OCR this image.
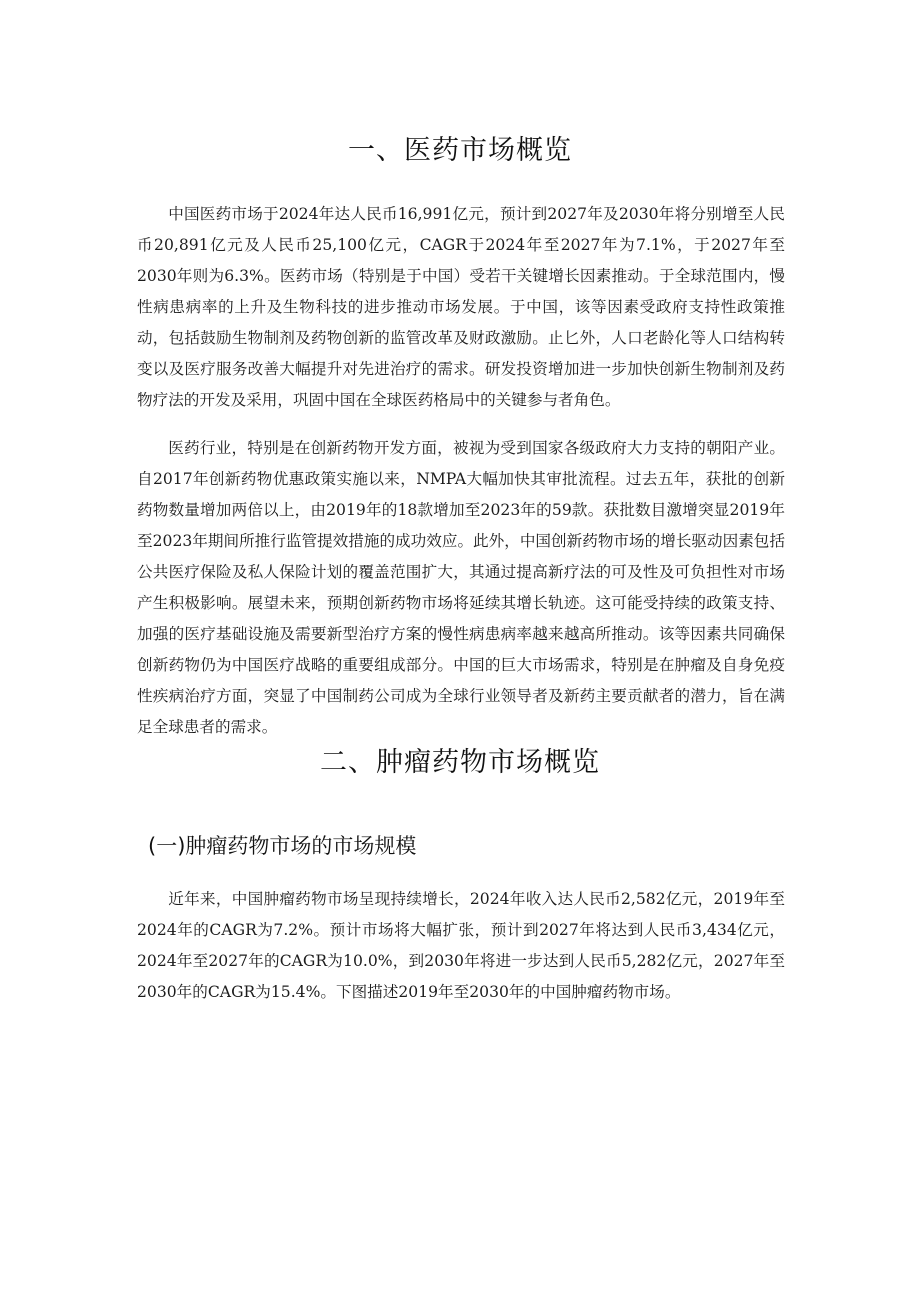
一、医药市场概览

中国医药市场于2024年达人民币16,991亿元，预计到2027年及2030年将分别增至人民币20,891亿元及人民币25,100亿元，CAGR于2024年至2027年为7.1%，于2027年至2030年则为6.3%。医药市场（特别是于中国）受若干关键增长因素推动。于全球范围内，慢性病患病率的上升及生物科技的进步推动市场发展。于中国，该等因素受政府支持性政策推动，包括鼓励生物制剂及药物创新的监管改革及财政激励。止匕外，人口老龄化等人口结构转变以及医疗服务改善大幅提升对先进治疗的需求。研发投资增加进一步加快创新生物制剂及药物疗法的开发及采用，巩固中国在全球医药格局中的关键参与者角色。

医药行业，特别是在创新药物开发方面，被视为受到国家各级政府大力支持的朝阳产业。自2017年创新药物优惠政策实施以来，NMPA大幅加快其审批流程。过去五年，获批的创新药物数量增加两倍以上，由2019年的18款增加至2023年的59款。获批数目激增突显2019年至2023年期间所推行监管提效措施的成功效应。此外，中国创新药物市场的增长驱动因素包括公共医疗保险及私人保险计划的覆盖范围扩大，其通过提高新疗法的可及性及可负担性对市场产生积极影响。展望未来，预期创新药物市场将延续其增长轨迹。这可能受持续的政策支持、加强的医疗基础设施及需要新型治疗方案的慢性病患病率越来越高所推动。该等因素共同确保创新药物仍为中国医疗战略的重要组成部分。中国的巨大市场需求，特别是在肿瘤及自身免疫性疾病治疗方面，突显了中国制药公司成为全球行业领导者及新药主要贡献者的潜力，旨在满足全球患者的需求。

二、肿瘤药物市场概览
(一)肿瘤药物市场的市场规模

近年来，中国肿瘤药物市场呈现持续增长，2024年收入达人民币2,582亿元，2019年至2024年的CAGR为7.2%。预计市场将大幅扩张，预计到2027年将达到人民币3,434亿元，2024年至2027年的CAGR为10.0%，到2030年将进一步达到人民币5,282亿元，2027年至2030年的CAGR为15.4%。下图描述2019年至2030年的中国肿瘤药物市场。
